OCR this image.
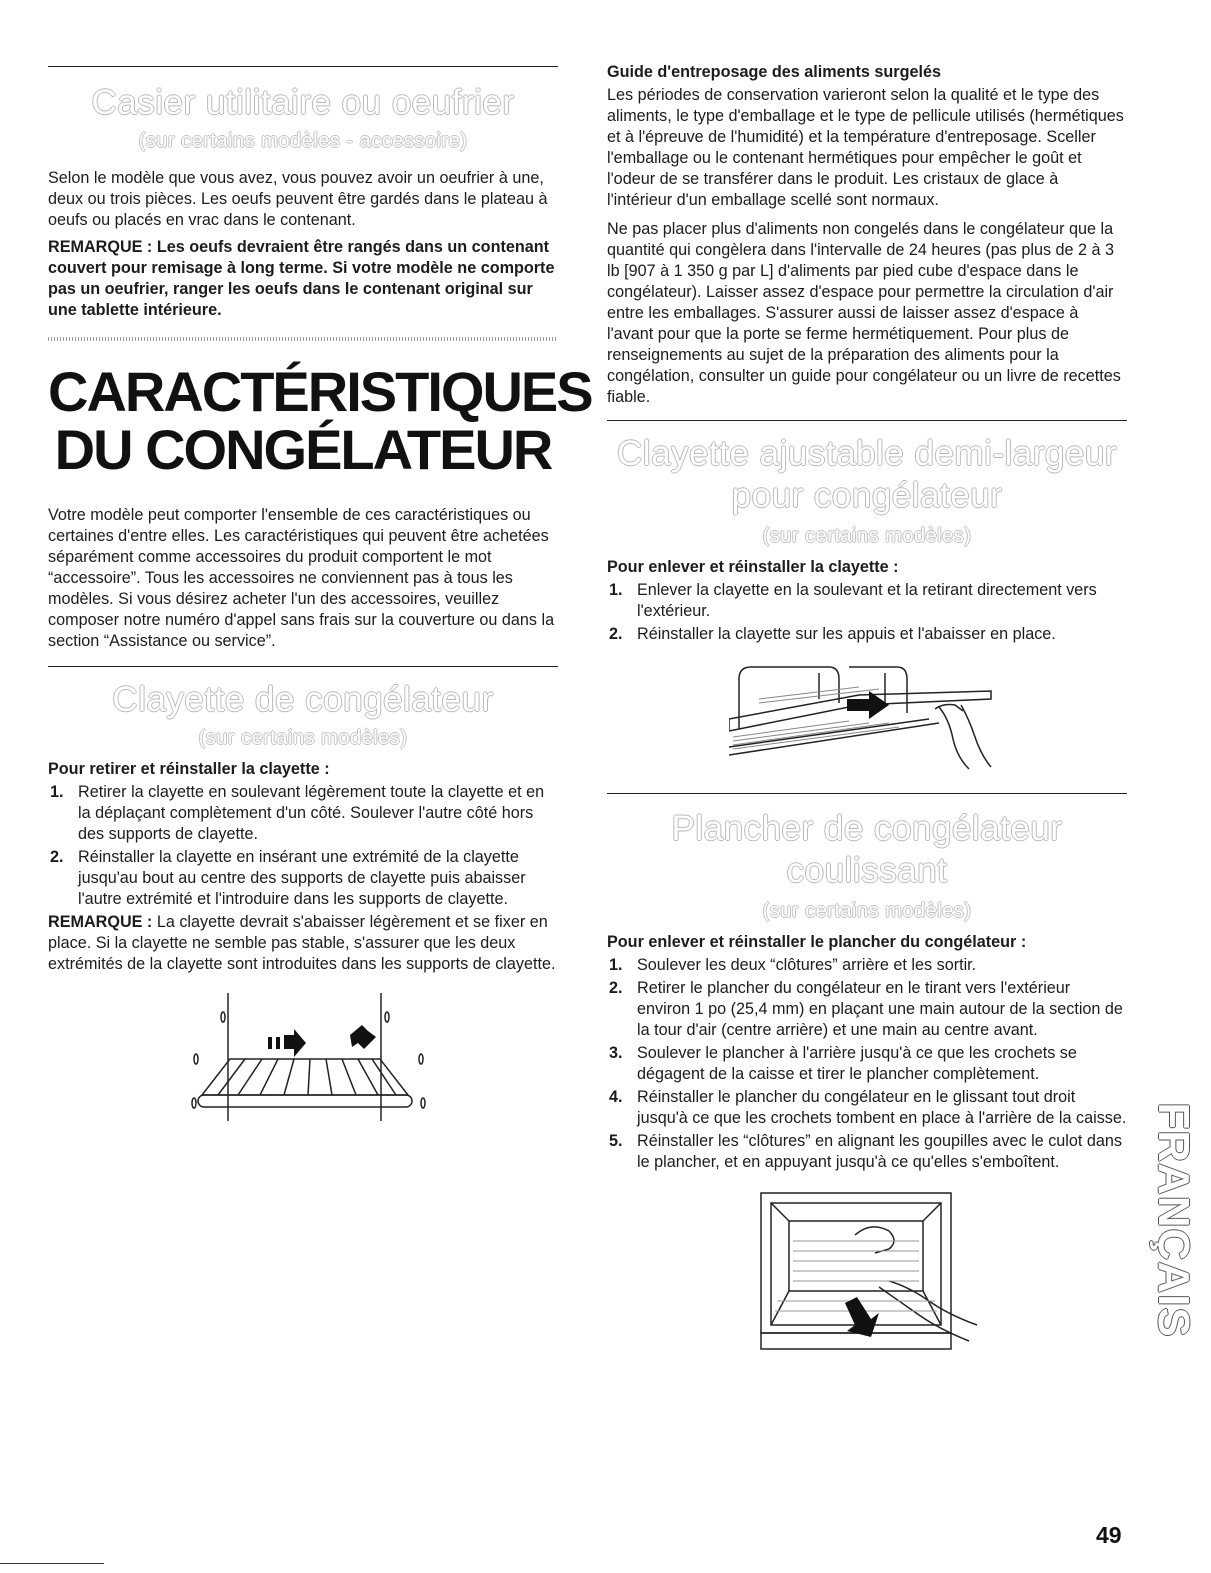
Casier utilitaire ou oeufrier
(sur certains modèles - accessoire)

Selon le modèle que vous avez, vous pouvez avoir un oeufrier à une, deux ou trois pièces. Les oeufs peuvent être gardés dans le plateau à oeufs ou placés en vrac dans le contenant.

REMARQUE : Les oeufs devraient être rangés dans un contenant couvert pour remisage à long terme. Si votre modèle ne comporte pas un oeufrier, ranger les oeufs dans le contenant original sur une tablette intérieure.

CARACTÉRISTIQUES
DU CONGÉLATEUR

Votre modèle peut comporter l'ensemble de ces caractéristiques ou certaines d'entre elles. Les caractéristiques qui peuvent être achetées séparément comme accessoires du produit comportent le mot “accessoire”. Tous les accessoires ne conviennent pas à tous les modèles. Si vous désirez acheter l'un des accessoires, veuillez composer notre numéro d'appel sans frais sur la couverture ou dans la section “Assistance ou service”.

Clayette de congélateur
(sur certains modèles)
Pour retirer et réinstaller la clayette :
1. Retirer la clayette en soulevant légèrement toute la clayette et en la déplaçant complètement d'un côté. Soulever l'autre côté hors des supports de clayette.
2. Réinstaller la clayette en insérant une extrémité de la clayette jusqu'au bout au centre des supports de clayette puis abaisser l'autre extrémité et l'introduire dans les supports de clayette.

REMARQUE : La clayette devrait s'abaisser légèrement et se fixer en place. Si la clayette ne semble pas stable, s'assurer que les deux extrémités de la clayette sont introduites dans les supports de clayette.

Guide d'entreposage des aliments surgelés

Les périodes de conservation varieront selon la qualité et le type des aliments, le type d'emballage et le type de pellicule utilisés (hermétiques et à l'épreuve de l'humidité) et la température d'entreposage. Sceller l'emballage ou le contenant hermétiques pour empêcher le goût et l'odeur de se transférer dans le produit. Les cristaux de glace à l'intérieur d'un emballage scellé sont normaux.

Ne pas placer plus d'aliments non congelés dans le congélateur que la quantité qui congèlera dans l'intervalle de 24 heures (pas plus de 2 à 3 lb [907 à 1 350 g par L] d'aliments par pied cube d'espace dans le congélateur). Laisser assez d'espace pour permettre la circulation d'air entre les emballages. S'assurer aussi de laisser assez d'espace à l'avant pour que la porte se ferme hermétiquement. Pour plus de renseignements au sujet de la préparation des aliments pour la congélation, consulter un guide pour congélateur ou un livre de recettes fiable.

Clayette ajustable demi-largeur
pour congélateur
(sur certains modèles)
Pour enlever et réinstaller la clayette :
1. Enlever la clayette en la soulevant et la retirant directement vers l'extérieur.
2. Réinstaller la clayette sur les appuis et l'abaisser en place.
Plancher de congélateur coulissant
(sur certains modèles)
Pour enlever et réinstaller le plancher du congélateur :
1. Soulever les deux “clôtures” arrière et les sortir.
2. Retirer le plancher du congélateur en le tirant vers l'extérieur environ 1 po (25,4 mm) en plaçant une main autour de la section de la tour d'air (centre arrière) et une main au centre avant.
3. Soulever le plancher à l'arrière jusqu'à ce que les crochets se dégagent de la caisse et tirer le plancher complètement.
4. Réinstaller le plancher du congélateur en le glissant tout droit jusqu'à ce que les crochets tombent en place à l'arrière de la caisse.
5. Réinstaller les “clôtures” en alignant les goupilles avec le culot dans le plancher, et en appuyant jusqu'à ce qu'elles s'emboîtent.	FRANÇAIS
49
